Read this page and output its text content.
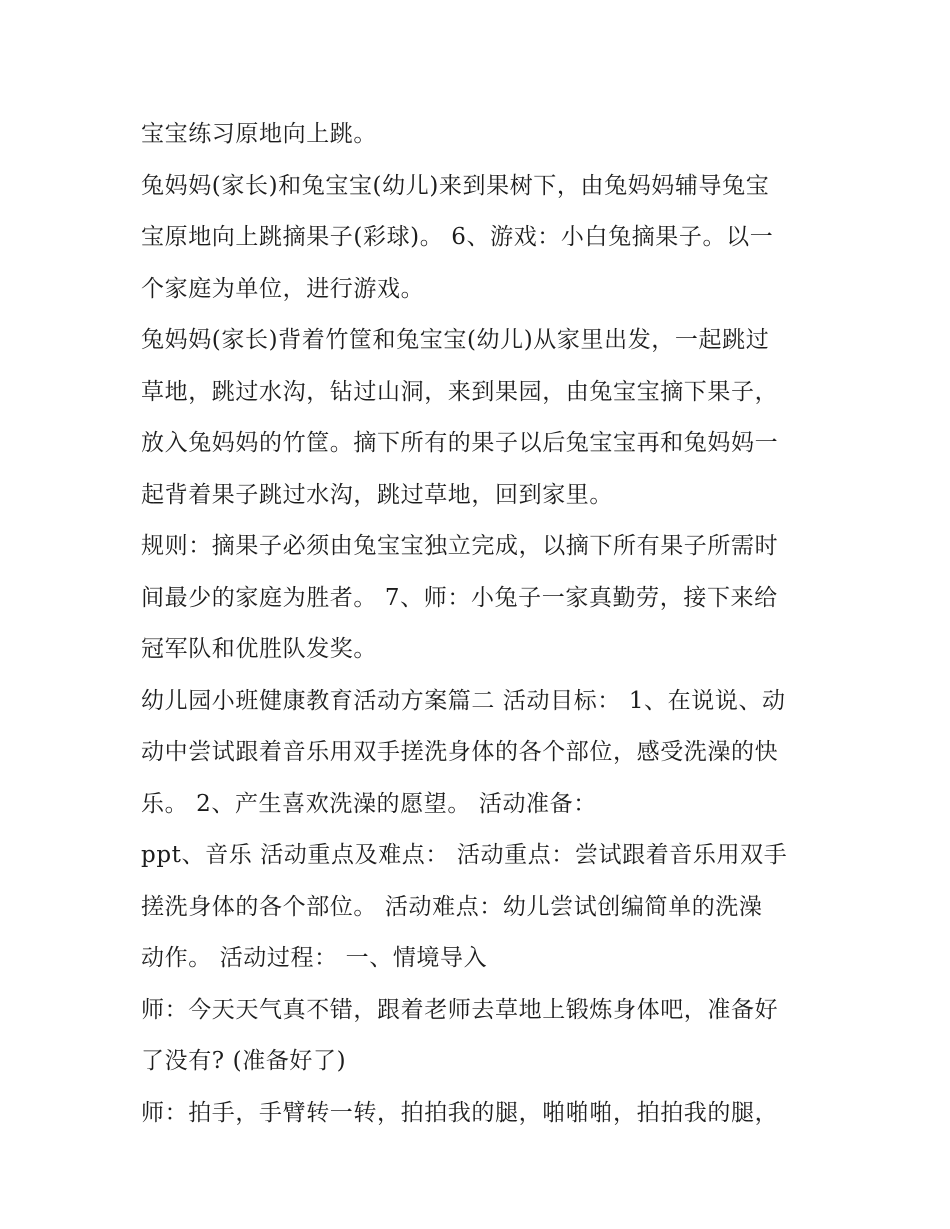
宝宝练习原地向上跳。
兔妈妈(家长)和兔宝宝(幼儿)来到果树下，由兔妈妈辅导兔宝
宝原地向上跳摘果子(彩球)。 6、游戏：小白兔摘果子。以一
个家庭为单位，进行游戏。
兔妈妈(家长)背着竹筐和兔宝宝(幼儿)从家里出发，一起跳过
草地，跳过水沟，钻过山洞，来到果园，由兔宝宝摘下果子，
放入兔妈妈的竹筐。摘下所有的果子以后兔宝宝再和兔妈妈一
起背着果子跳过水沟，跳过草地，回到家里。
规则：摘果子必须由兔宝宝独立完成，以摘下所有果子所需时
间最少的家庭为胜者。 7、师：小兔子一家真勤劳，接下来给
冠军队和优胜队发奖。
幼儿园小班健康教育活动方案篇二 活动目标： 1、在说说、动
动中尝试跟着音乐用双手搓洗身体的各个部位，感受洗澡的快
乐。 2、产生喜欢洗澡的愿望。 活动准备：
ppt、音乐 活动重点及难点： 活动重点：尝试跟着音乐用双手
搓洗身体的各个部位。 活动难点：幼儿尝试创编简单的洗澡
动作。 活动过程： 一、情境导入
师：今天天气真不错，跟着老师去草地上锻炼身体吧，准备好
了没有? (准备好了)
师：拍手，手臂转一转，拍拍我的腿，啪啪啪，拍拍我的腿，
